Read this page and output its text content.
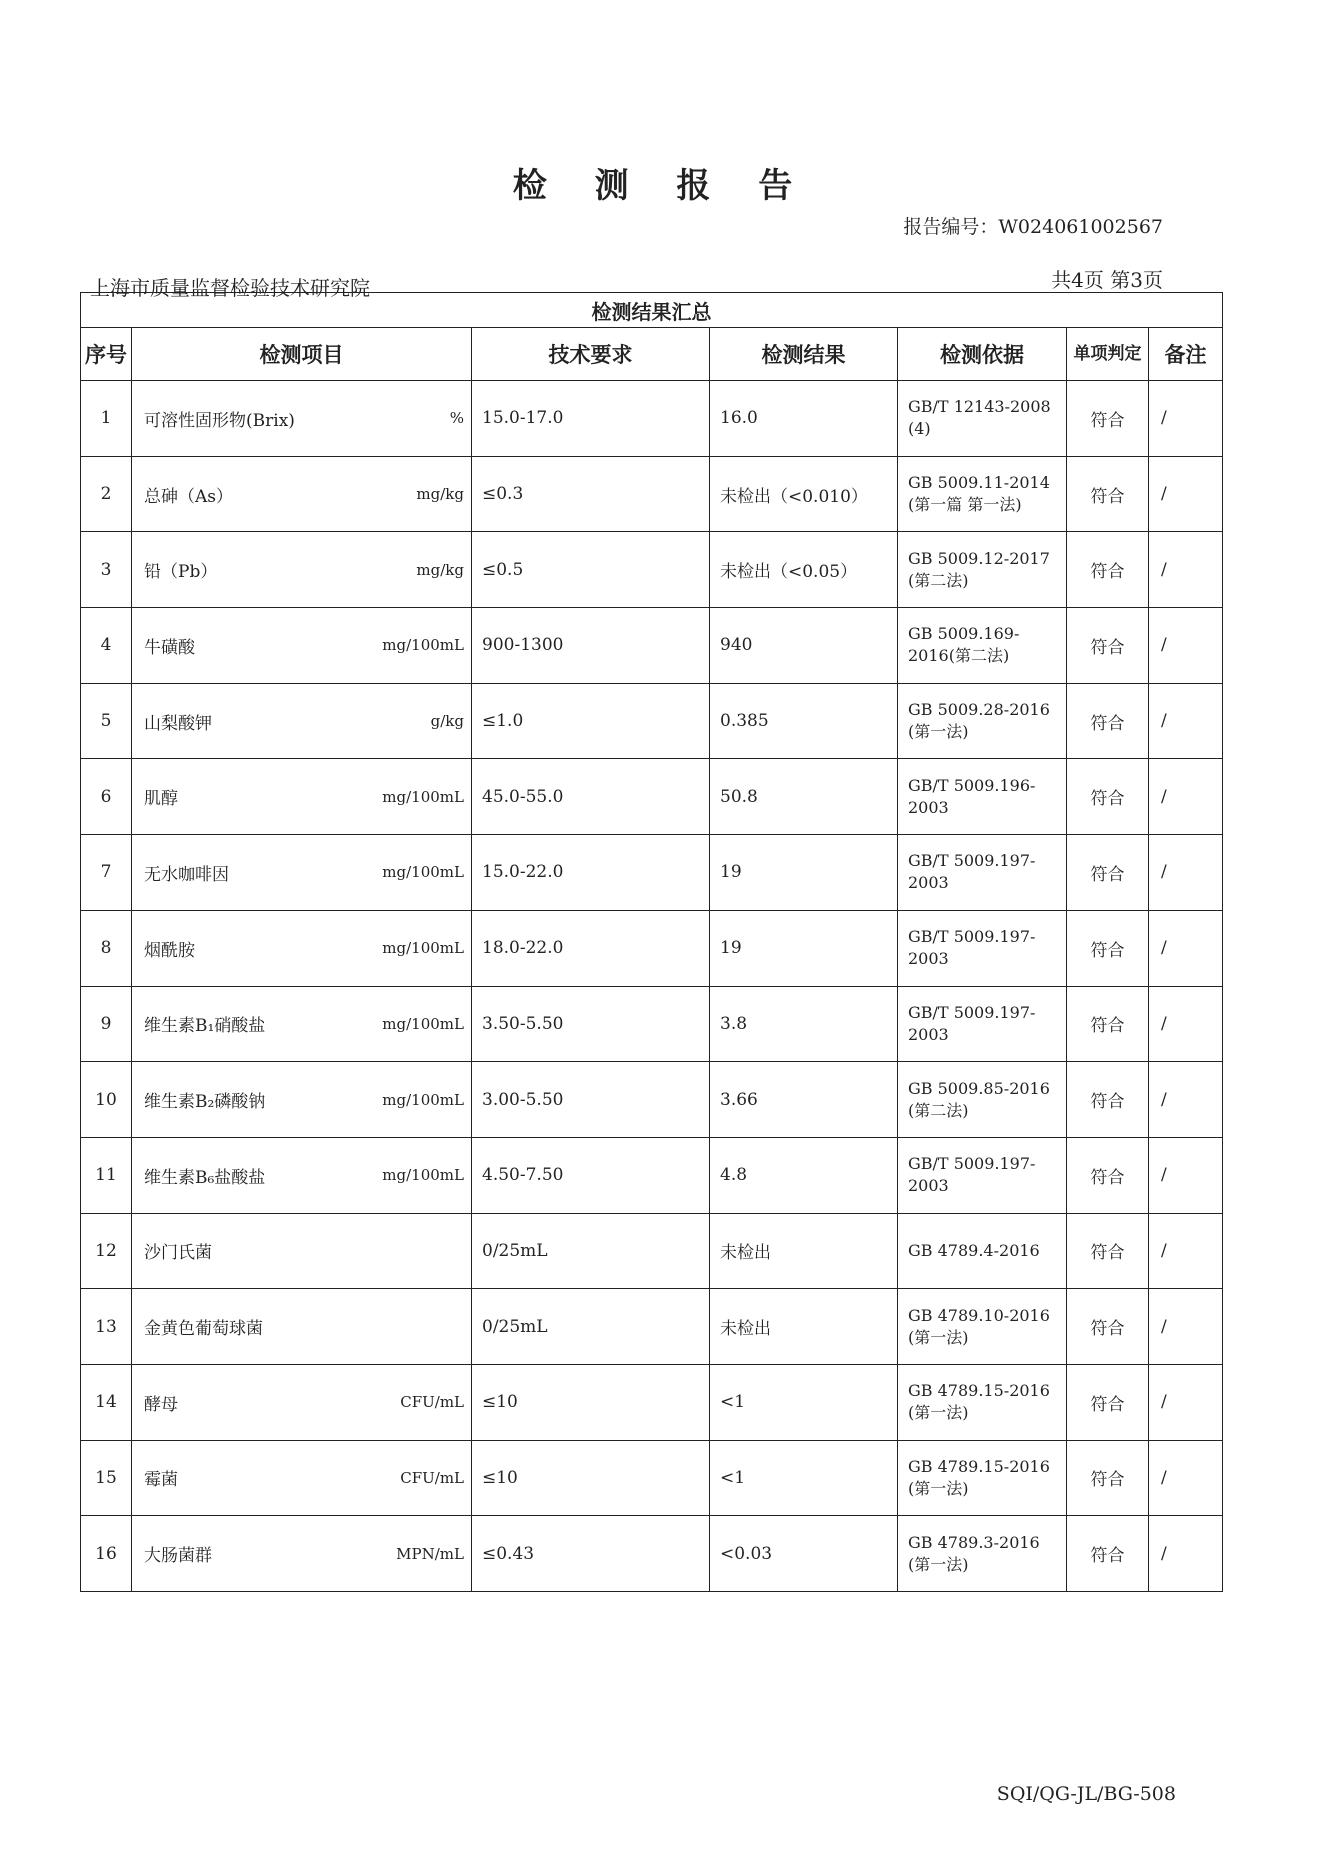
检 测 报 告
报告编号：W024061002567
上海市质量监督检验技术研究院	共4页 第3页
检测结果汇总						
序号	检测项目	技术要求	检测结果	检测依据	单项判定	备注
1	可溶性固形物(Brix) %	15.0-17.0	16.0	GB/T 12143-2008 (4)	符合	/
2	总砷（As） mg/kg	≤0.3	未检出（<0.010）	GB 5009.11-2014 (第一篇 第一法)	符合	/
3	铅（Pb） mg/kg	≤0.5	未检出（<0.05）	GB 5009.12-2017 (第二法)	符合	/
4	牛磺酸 mg/100mL	900-1300	940	GB 5009.169-2016(第二法)	符合	/
5	山梨酸钾 g/kg	≤1.0	0.385	GB 5009.28-2016 (第一法)	符合	/
6	肌醇 mg/100mL	45.0-55.0	50.8	GB/T 5009.196-2003	符合	/
7	无水咖啡因 mg/100mL	15.0-22.0	19	GB/T 5009.197-2003	符合	/
8	烟酰胺 mg/100mL	18.0-22.0	19	GB/T 5009.197-2003	符合	/
9	维生素B₁硝酸盐 mg/100mL	3.50-5.50	3.8	GB/T 5009.197-2003	符合	/
10	维生素B₂磷酸钠 mg/100mL	3.00-5.50	3.66	GB 5009.85-2016 (第二法)	符合	/
11	维生素B₆盐酸盐 mg/100mL	4.50-7.50	4.8	GB/T 5009.197-2003	符合	/
12	沙门氏菌	0/25mL	未检出	GB 4789.4-2016	符合	/
13	金黄色葡萄球菌	0/25mL	未检出	GB 4789.10-2016 (第一法)	符合	/
14	酵母 CFU/mL	≤10	<1	GB 4789.15-2016 (第一法)	符合	/
15	霉菌 CFU/mL	≤10	<1	GB 4789.15-2016 (第一法)	符合	/
16	大肠菌群 MPN/mL	≤0.43	<0.03	GB 4789.3-2016 (第一法)	符合	/
SQI/QG-JL/BG-508
